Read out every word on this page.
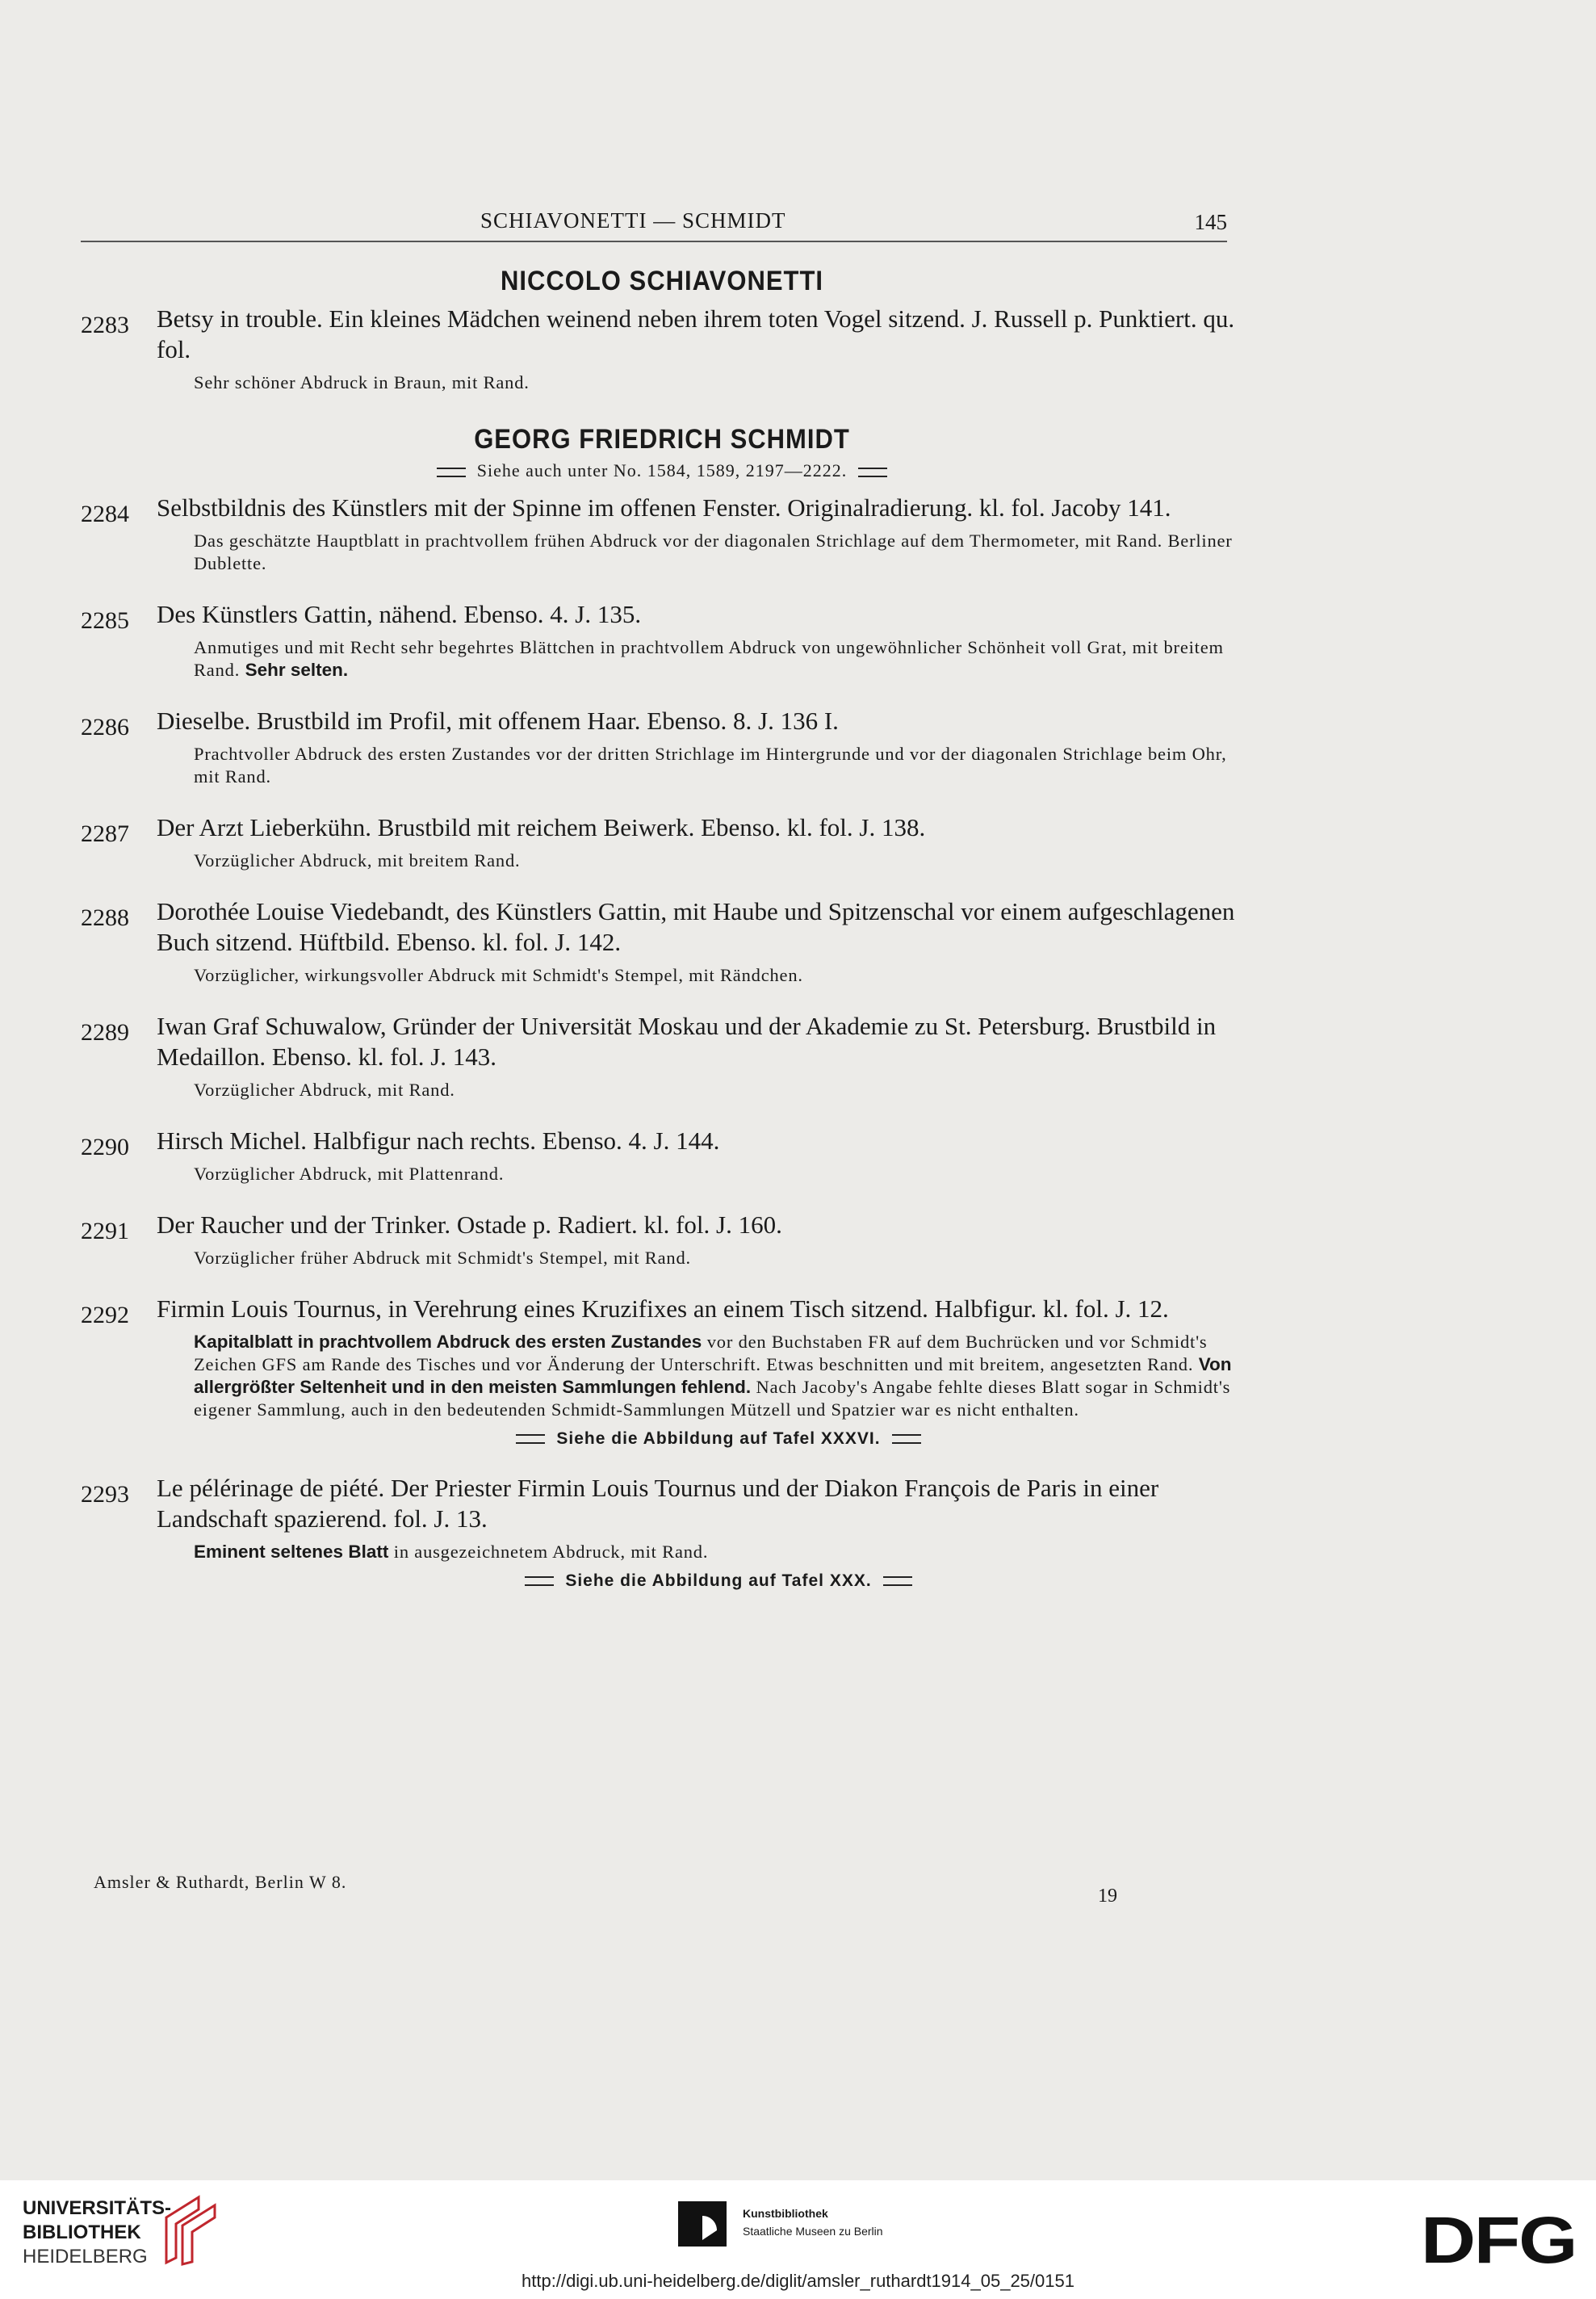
SCHIAVONETTI — SCHMIDT	145
NICCOLO SCHIAVONETTI
2283 Betsy in trouble. Ein kleines Mädchen weinend neben ihrem toten Vogel sitzend. J. Russell p. Punktiert. qu. fol.
Sehr schöner Abdruck in Braun, mit Rand.
GEORG FRIEDRICH SCHMIDT
Siehe auch unter No. 1584, 1589, 2197—2222.
2284 Selbstbildnis des Künstlers mit der Spinne im offenen Fenster. Originalradierung. kl. fol. Jacoby 141.
Das geschätzte Hauptblatt in prachtvollem frühen Abdruck vor der diagonalen Strichlage auf dem Thermometer, mit Rand. Berliner Dublette.
2285 Des Künstlers Gattin, nähend. Ebenso. 4. J. 135.
Anmutiges und mit Recht sehr begehrtes Blättchen in prachtvollem Abdruck von ungewöhnlicher Schönheit voll Grat, mit breitem Rand. Sehr selten.
2286 Dieselbe. Brustbild im Profil, mit offenem Haar. Ebenso. 8. J. 136 I.
Prachtvoller Abdruck des ersten Zustandes vor der dritten Strichlage im Hintergrunde und vor der diagonalen Strichlage beim Ohr, mit Rand.
2287 Der Arzt Lieberkühn. Brustbild mit reichem Beiwerk. Ebenso. kl. fol. J. 138.
Vorzüglicher Abdruck, mit breitem Rand.
2288 Dorothée Louise Viedebandt, des Künstlers Gattin, mit Haube und Spitzenschal vor einem aufgeschlagenen Buch sitzend. Hüftbild. Ebenso. kl. fol. J. 142.
Vorzüglicher, wirkungsvoller Abdruck mit Schmidt's Stempel, mit Rändchen.
2289 Iwan Graf Schuwalow, Gründer der Universität Moskau und der Akademie zu St. Petersburg. Brustbild in Medaillon. Ebenso. kl. fol. J. 143.
Vorzüglicher Abdruck, mit Rand.
2290 Hirsch Michel. Halbfigur nach rechts. Ebenso. 4. J. 144.
Vorzüglicher Abdruck, mit Plattenrand.
2291 Der Raucher und der Trinker. Ostade p. Radiert. kl. fol. J. 160.
Vorzüglicher früher Abdruck mit Schmidt's Stempel, mit Rand.
2292 Firmin Louis Tournus, in Verehrung eines Kruzifixes an einem Tisch sitzend. Halbfigur. kl. fol. J. 12.
Kapitalblatt in prachtvollem Abdruck des ersten Zustandes vor den Buchstaben FR auf dem Buchrücken und vor Schmidt's Zeichen GFS am Rande des Tisches und vor Änderung der Unterschrift. Etwas beschnitten und mit breitem, angesetzten Rand. Von allergrößter Seltenheit und in den meisten Sammlungen fehlend. Nach Jacoby's Angabe fehlte dieses Blatt sogar in Schmidt's eigener Sammlung, auch in den bedeutenden Schmidt-Sammlungen Mützell und Spatzier war es nicht enthalten.
Siehe die Abbildung auf Tafel XXXVI.
2293 Le pélérinage de piété. Der Priester Firmin Louis Tournus und der Diakon François de Paris in einer Landschaft spazierend. fol. J. 13.
Eminent seltenes Blatt in ausgezeichnetem Abdruck, mit Rand.
Siehe die Abbildung auf Tafel XXX.
Amsler & Ruthardt, Berlin W 8.
19
UNIVERSITÄTS-
BIBLIOTHEK
HEIDELBERG
Kunstbibliothek
Staatliche Museen zu Berlin	DFG
http://digi.ub.uni-heidelberg.de/diglit/amsler_ruthardt1914_05_25/0151
